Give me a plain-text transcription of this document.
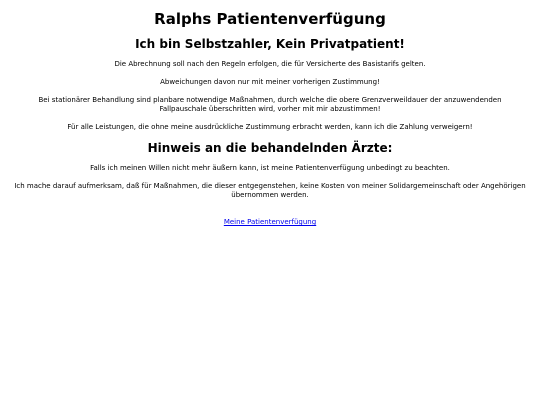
Ralphs Patientenverfügung
Ich bin Selbstzahler, Kein Privatpatient!

Die Abrechnung soll nach den Regeln erfolgen, die für Versicherte des Basistarifs gelten.

Abweichungen davon nur mit meiner vorherigen Zustimmung!

Bei stationärer Behandlung sind planbare notwendige Maßnahmen, durch welche die obere Grenzverweildauer der anzuwendenden Fallpauschale überschritten wird, vorher mit mir abzustimmen!

Für alle Leistungen, die ohne meine ausdrückliche Zustimmung erbracht werden, kann ich die Zahlung verweigern!

Hinweis an die behandelnden Ärzte:

Falls ich meinen Willen nicht mehr äußern kann, ist meine Patientenverfügung unbedingt zu beachten.

Ich mache darauf aufmerksam, daß für Maßnahmen, die dieser entgegenstehen, keine Kosten von meiner Solidargemeinschaft oder Angehörigen übernommen werden.

Meine Patientenverfügung
